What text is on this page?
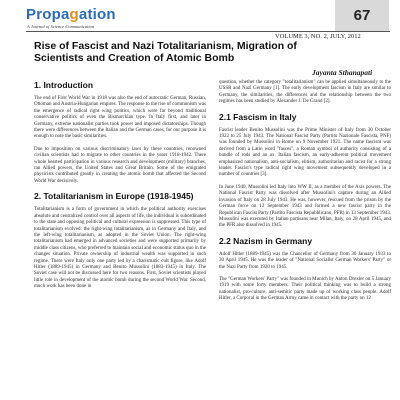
Propagation
A Journal of Science Communication
67
VOLUME 3, NO. 2, JULY, 2012
Rise of Fascist and Nazi Totalitarianism, Migration of Scientists and Creation of Atomic Bomb
Jayanta Sthanapati
1. Introduction

The end of First World War in 1918 was also the end of autocratic German, Russian, Ottoman and Austria-Hungarian empires. The response to the rise of communism was the emergence of radical right wing politics, which were far beyond traditional conservative politics of even the Bismarckian type. In Italy first, and later in Germany, extreme nationalist parties took power and imposed dictatorships. Though there were differences between the Italian and the German cases, for our purpose it is enough to note the basic similarities.

Due to imposition on various discriminatory laws by these countries, renowned civilian scientists had to migrate to other countries in the years 1918-1942. There whole hearted participation in various research and development (military) branches, ran Allied powers, the United States and Great Britain. Some of the emigrated physicists contributed greatly in creating the atomic bomb that affected the Second World War decisively.

2. Totalitarianism in Europe (1918-1945)

Totalitarianism is a form of government in which the political authority exercises absolute and centralized control over all aspects of life, the individual is subordinated to the state and opposing political and cultural expression is suppressed. This type of totalitarianism evolved: the right-wing totalitarianism, as in Germany and Italy, and the left-wing totalitarianism, as adopted in the Soviet Union. The right-wing totalitarianism had emerged in advanced societies and were supported primarily by middle class citizens, who preferred to maintain social and economic status quo in the changes situation. Private ownership of industrial wealth was supported in such regime. There were Italy only one party led by a charismatic cult figure, like Adolf Hitler (1889-1945) in Germany and Benito Mussolini (1883-1945) in Italy. The Soviet case will not be discussed here for two reasons. First, Soviet scientists played little role in development of the atomic bomb during the second World War. Second, much work has been done in

question, whether the category "totalitarianism" can be applied simultaneously to the USSR and Nazi Germany [1]. The early development fascism in Italy are similar to Germany, the similarities, the differences and the relationship between the two regimes has been studied by Alexander J. De Grand [2].

2.1 Fascism in Italy

Fascist leader Benito Mussolini was the Prime Minister of Italy from 30 October 1922 to 25 July 1943. The National Fascist Party (Partito Nazionale Fascista, PNF) was founded by Mussolini in Rome on 9 November 1921. The name fascism was derived from a Latin word "fasces", a Roman symbol of authority consisting of a bundle of rods and an ax. Italian fascism, an early-adherent political movement emphasized nationalism, anti-socialism, elitism, authoritarian and racist for a strong leader. Fascist's type radical right wing movement subsequently developed in a number of countries [3].

In June 1940, Mussolini led Italy into WW II, as a member of the Axis powers. The National Fascist Party was dissolved after Mussolini's capture during an Allied invasion of Italy on 28 July 1943. He was, however, rescued from the prison by the German force on 12 September 1943 and formed a new fascist party in the Republican Fascist Party (Partito Fascista Repubblicano, PFR) in 13 September 1943. Mussolini was executed by Italian partisans near Milan, Italy, on 28 April 1945, and the PFR also dissolved in 1945.

2.2 Nazism in Germany

Adolf Hitler (1889-1945) was the Chancellor of Germany from 30 January 1933 to 30 April 1945. He was the leader of "National Socialist German Workers' Party" or the Nazi Party from 1920 to 1945.

The "German Workers' Party" was founded in Munich by Anton Drexler on 5 January 1919 with some forty members. Their political thinking was to build a strong nationalist, pro-culture, anti-semitic party made up of working class people. Adolf Hitler, a Corporal in the German Army came in contact with the party on 12
